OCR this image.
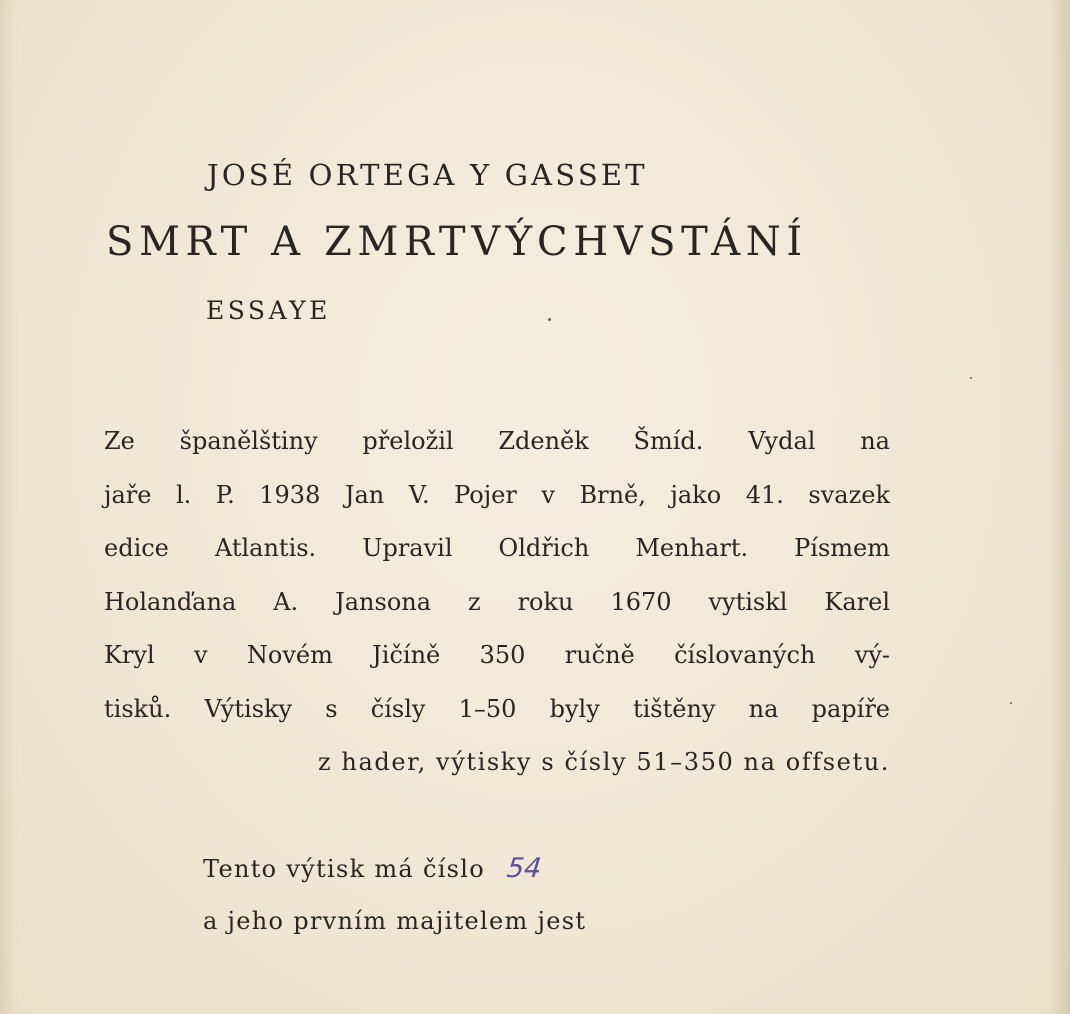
JOSÉ ORTEGA Y GASSET
SMRT A ZMRTVÝCHVSTÁNÍ
ESSAYE
Ze španělštiny přeložil Zdeněk Šmíd. Vydal na
jaře l. P. 1938 Jan V. Pojer v Brně, jako 41. svazek
edice Atlantis. Upravil Oldřich Menhart. Písmem
Holanďana A. Jansona z roku 1670 vytiskl Karel
Kryl v Novém Jičíně 350 ručně číslovaných vý-
tisků. Výtisky s čísly 1–50 byly tištěny na papíře
z hader, výtisky s čísly 51–350 na offsetu.
Tento výtisk má číslo 54
a jeho prvním majitelem jest
